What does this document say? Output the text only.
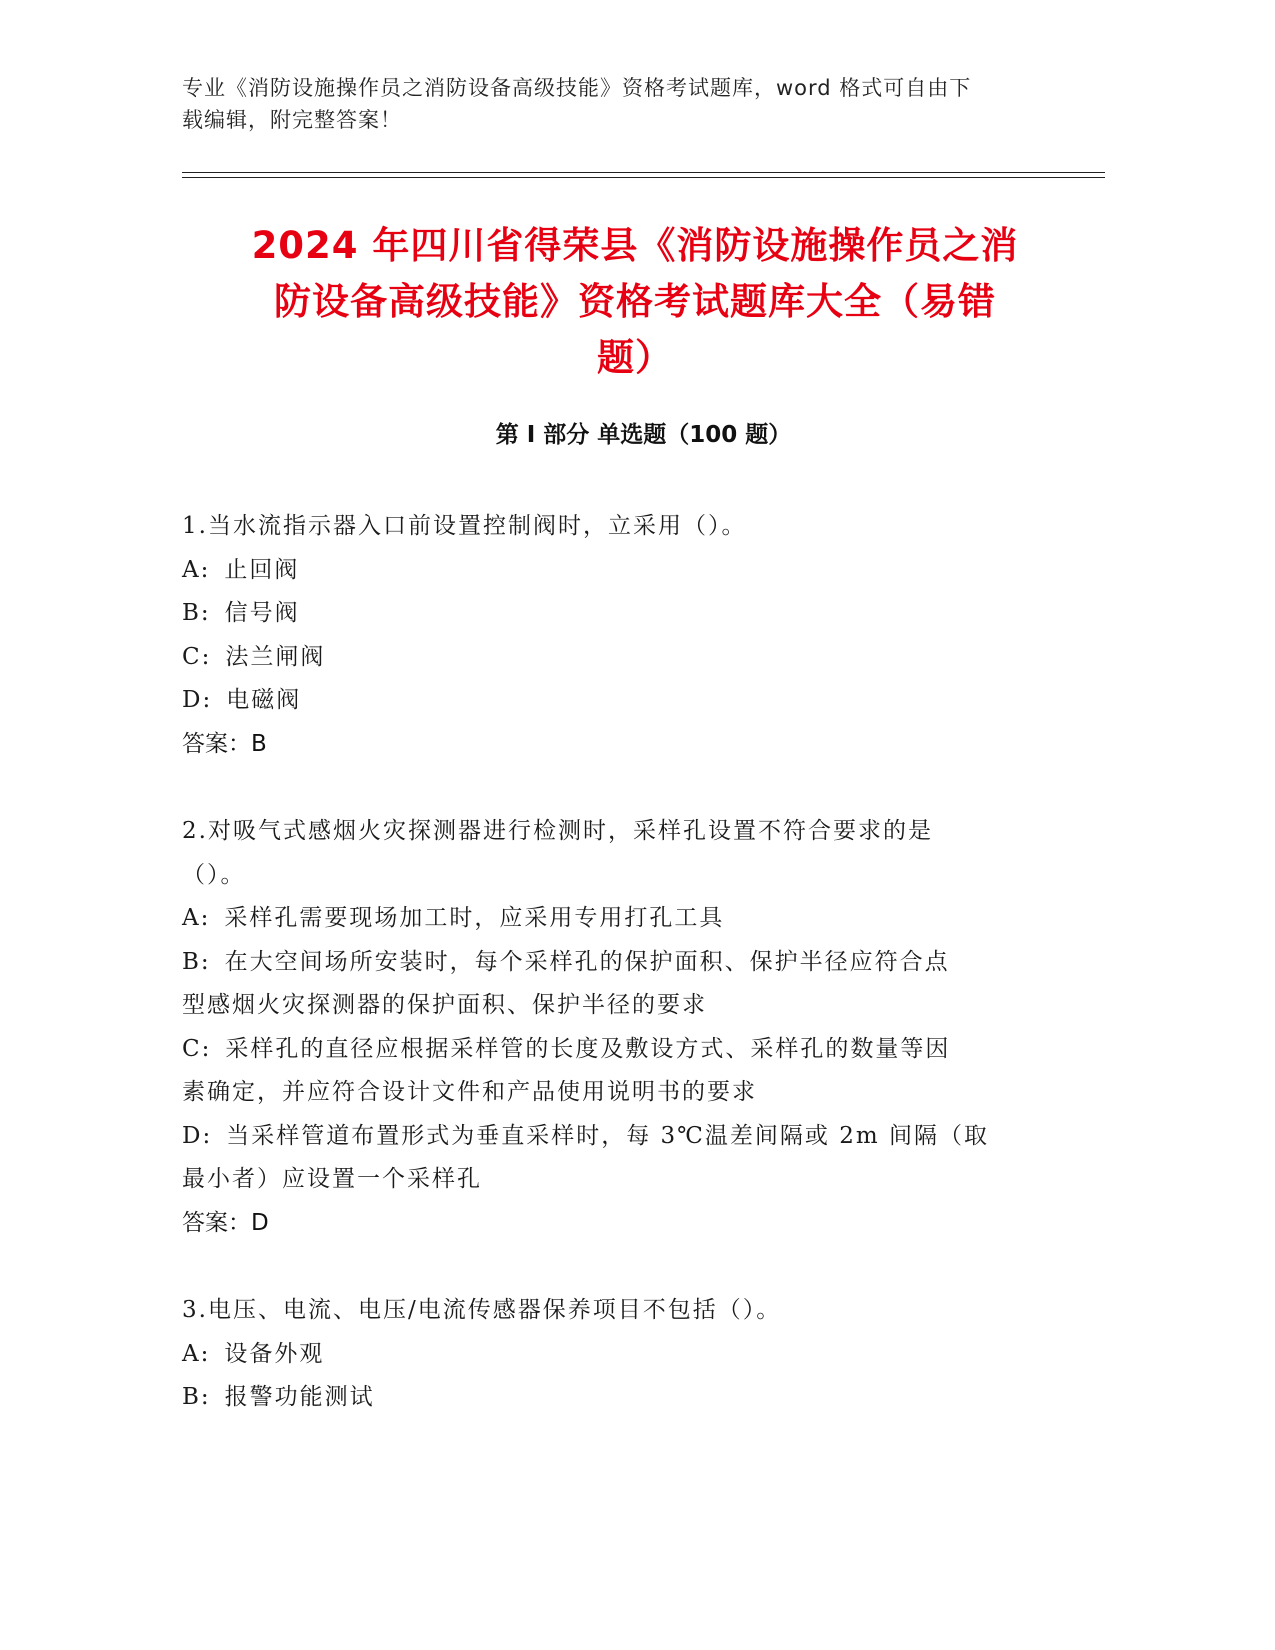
专业《消防设施操作员之消防设备高级技能》资格考试题库，word 格式可自由下
载编辑，附完整答案！
2024 年四川省得荣县《消防设施操作员之消
防设备高级技能》资格考试题库大全（易错
题）
第 I 部分 单选题（100 题）
1.当水流指示器入口前设置控制阀时，立采用（）。
A: 止回阀
B: 信号阀
C: 法兰闸阀
D: 电磁阀
答案：B
2.对吸气式感烟火灾探测器进行检测时，采样孔设置不符合要求的是
（）。
A: 采样孔需要现场加工时，应采用专用打孔工具
B: 在大空间场所安装时，每个采样孔的保护面积、保护半径应符合点
型感烟火灾探测器的保护面积、保护半径的要求
C: 采样孔的直径应根据采样管的长度及敷设方式、采样孔的数量等因
素确定，并应符合设计文件和产品使用说明书的要求
D: 当采样管道布置形式为垂直采样时，每 3℃温差间隔或 2m 间隔（取
最小者）应设置一个采样孔
答案：D
3.电压、电流、电压/电流传感器保养项目不包括（）。
A: 设备外观
B: 报警功能测试
